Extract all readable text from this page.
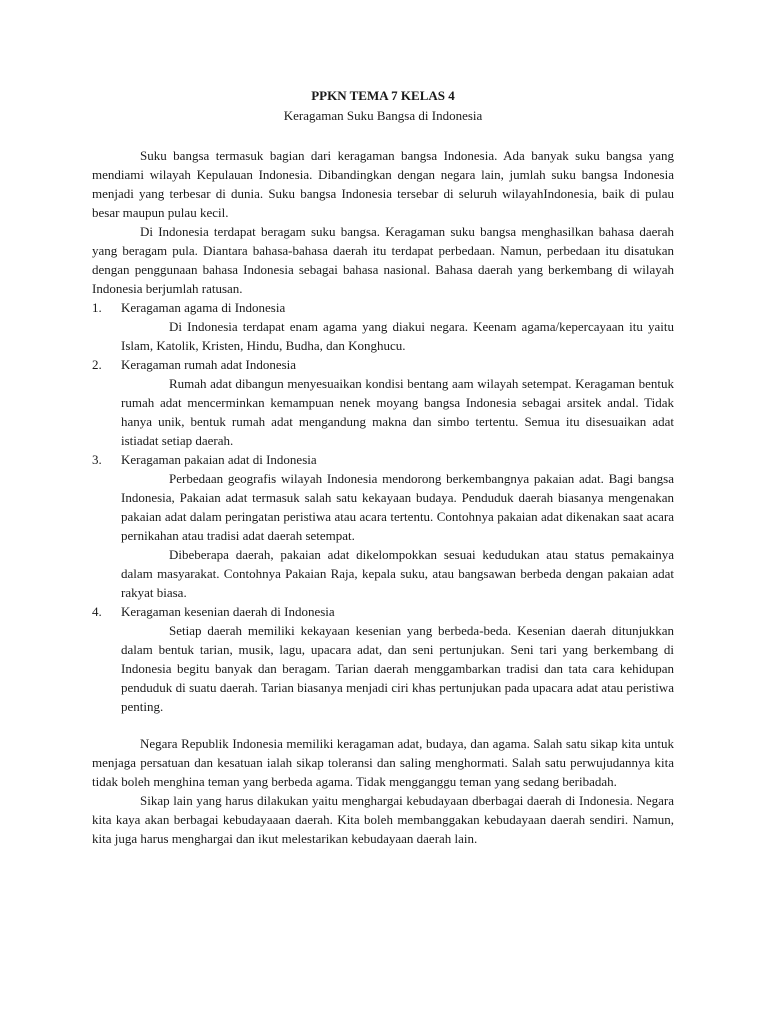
PPKN TEMA 7 KELAS 4

Keragaman Suku Bangsa di Indonesia

Suku bangsa termasuk bagian dari keragaman bangsa Indonesia. Ada banyak suku bangsa yang mendiami wilayah Kepulauan Indonesia. Dibandingkan dengan negara lain, jumlah suku bangsa Indonesia menjadi yang terbesar di dunia. Suku bangsa Indonesia tersebar di seluruh wilayahIndonesia, baik di pulau besar maupun pulau kecil.

Di Indonesia terdapat beragam suku bangsa. Keragaman suku bangsa menghasilkan bahasa daerah yang beragam pula. Diantara bahasa-bahasa daerah itu terdapat perbedaan. Namun, perbedaan itu disatukan dengan penggunaan bahasa Indonesia sebagai bahasa nasional. Bahasa daerah yang berkembang di wilayah Indonesia berjumlah ratusan.

1.	Keragaman agama di Indonesia

Di Indonesia terdapat enam agama yang diakui negara. Keenam agama/kepercayaan itu yaitu Islam, Katolik, Kristen, Hindu, Budha, dan Konghucu.

2.	Keragaman rumah adat Indonesia

Rumah adat dibangun menyesuaikan kondisi bentang aam wilayah setempat. Keragaman bentuk rumah adat mencerminkan kemampuan nenek moyang bangsa Indonesia sebagai arsitek andal. Tidak hanya unik, bentuk rumah adat mengandung makna dan simbo tertentu. Semua itu disesuaikan adat istiadat setiap daerah.

3.	Keragaman pakaian adat di Indonesia

Perbedaan geografis wilayah Indonesia mendorong berkembangnya pakaian adat. Bagi bangsa Indonesia, Pakaian adat termasuk salah satu kekayaan budaya. Penduduk daerah biasanya mengenakan pakaian adat dalam peringatan peristiwa atau acara tertentu. Contohnya pakaian adat dikenakan saat acara pernikahan atau tradisi adat daerah setempat.

Dibeberapa daerah, pakaian adat dikelompokkan sesuai kedudukan atau status pemakainya dalam masyarakat. Contohnya Pakaian Raja, kepala suku, atau bangsawan berbeda dengan pakaian adat rakyat biasa.

4.	Keragaman kesenian daerah di Indonesia

Setiap daerah memiliki kekayaan kesenian yang berbeda-beda. Kesenian daerah ditunjukkan dalam bentuk tarian, musik, lagu, upacara adat, dan seni pertunjukan. Seni tari yang berkembang di Indonesia begitu banyak dan beragam. Tarian daerah menggambarkan tradisi dan tata cara kehidupan penduduk di suatu daerah. Tarian biasanya menjadi ciri khas pertunjukan pada upacara adat atau peristiwa penting.

Negara Republik Indonesia memiliki keragaman adat, budaya, dan agama. Salah satu sikap kita untuk menjaga persatuan dan kesatuan ialah sikap toleransi dan saling menghormati. Salah satu perwujudannya kita tidak boleh menghina teman yang berbeda agama. Tidak mengganggu teman yang sedang beribadah.

Sikap lain yang harus dilakukan yaitu menghargai kebudayaan dberbagai daerah di Indonesia. Negara kita kaya akan berbagai kebudayaaan daerah. Kita boleh membanggakan kebudayaan daerah sendiri. Namun, kita juga harus menghargai dan ikut melestarikan kebudayaan daerah lain.
